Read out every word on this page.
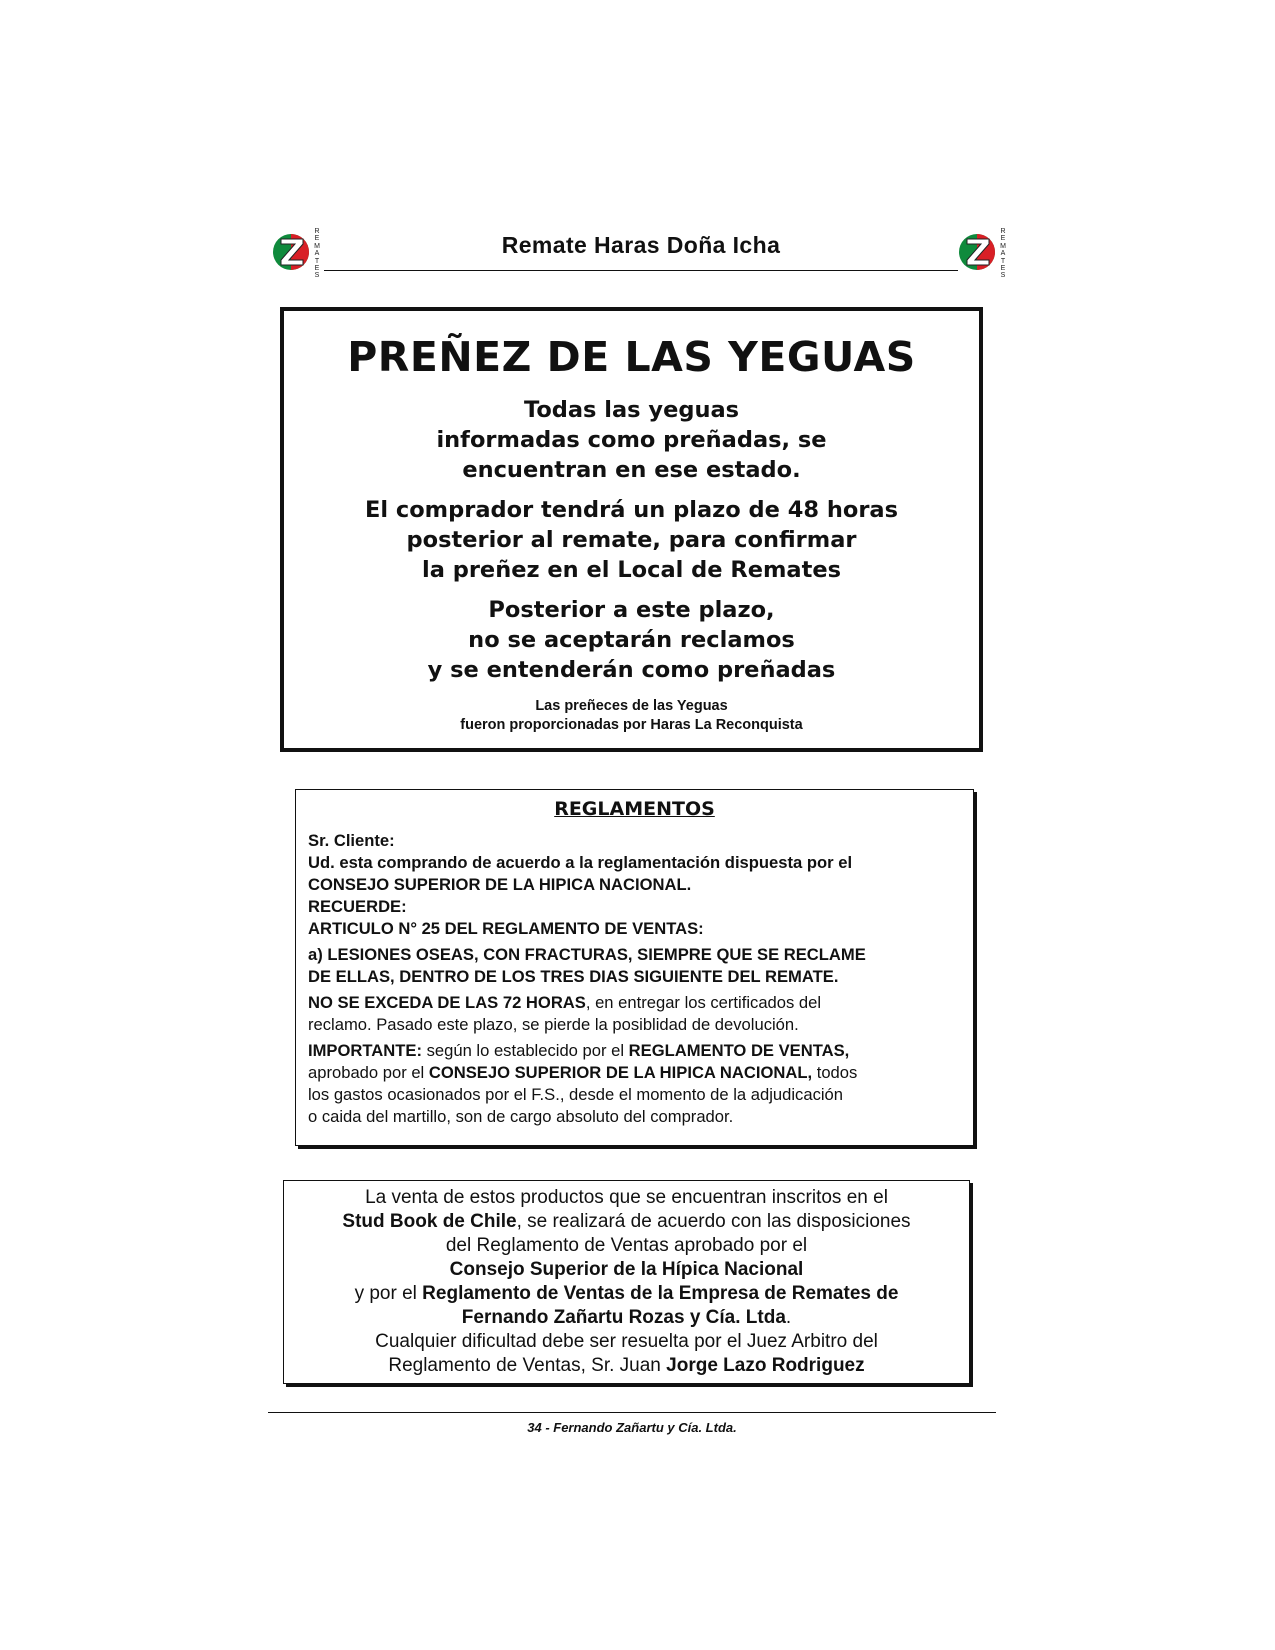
R
E
M
A
T
E
S
Remate Haras Doña Icha
R
E
M
A
T
E
S
PREÑEZ DE LAS YEGUAS
Todas las yeguas
informadas como preñadas, se
encuentran en ese estado.
El comprador tendrá un plazo de 48 horas
posterior al remate, para confirmar
la preñez en el Local de Remates
Posterior a este plazo,
no se aceptarán reclamos
y se entenderán como preñadas
Las preñeces de las Yeguas
fueron proporcionadas por Haras La Reconquista
REGLAMENTOS
Sr. Cliente:
Ud. esta comprando de acuerdo a la reglamentación dispuesta por el
CONSEJO SUPERIOR DE LA HIPICA NACIONAL.
RECUERDE:
ARTICULO N° 25 DEL REGLAMENTO DE VENTAS:
a) LESIONES OSEAS, CON FRACTURAS, SIEMPRE QUE SE RECLAME
DE ELLAS, DENTRO DE LOS TRES DIAS SIGUIENTE DEL REMATE.
NO SE EXCEDA DE LAS 72 HORAS, en entregar los certificados del
reclamo. Pasado este plazo, se pierde la posiblidad de devolución.
IMPORTANTE: según lo establecido por el REGLAMENTO DE VENTAS,
aprobado por el CONSEJO SUPERIOR DE LA HIPICA NACIONAL, todos
los gastos ocasionados por el F.S., desde el momento de la adjudicación
o caida del martillo, son de cargo absoluto del comprador.
La venta de estos productos que se encuentran inscritos en el
Stud Book de Chile, se realizará de acuerdo con las disposiciones
del Reglamento de Ventas aprobado por el
Consejo Superior de la Hípica Nacional
y por el Reglamento de Ventas de la Empresa de Remates de
Fernando Zañartu Rozas y Cía. Ltda.
Cualquier dificultad debe ser resuelta por el Juez Arbitro del
Reglamento de Ventas, Sr. Juan Jorge Lazo Rodriguez
34 - Fernando Zañartu y Cía. Ltda.
